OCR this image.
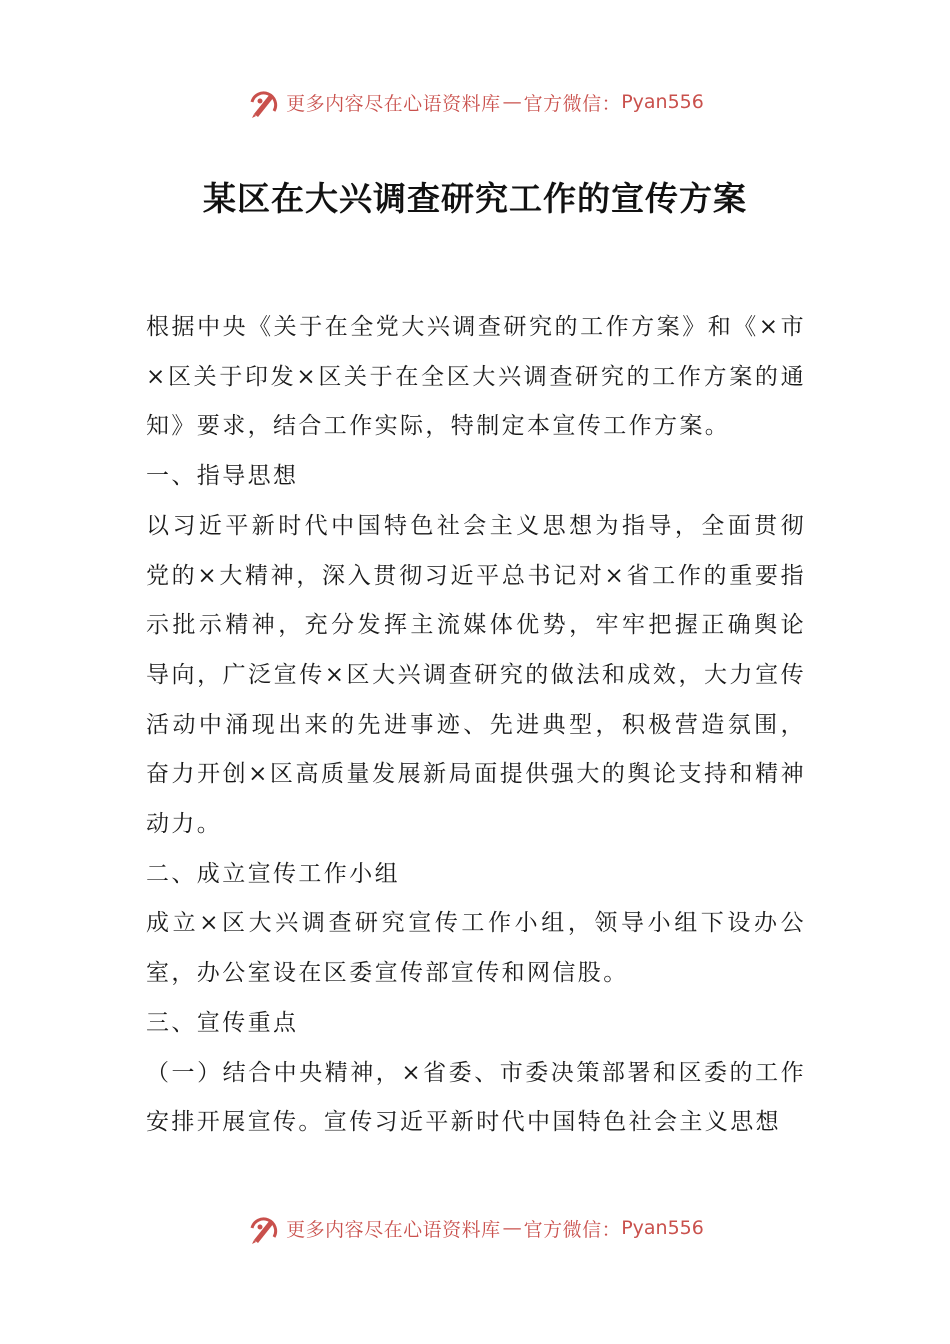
更多内容尽在心语资料库 — 官方微信： Pyan556
某区在大兴调查研究工作的宣传方案

根据中央《关于在全党大兴调查研究的工作方案》和《×市×区关于印发×区关于在全区大兴调查研究的工作方案的通知》要求，结合工作实际，特制定本宣传工作方案。

一、指导思想

以习近平新时代中国特色社会主义思想为指导，全面贯彻党的×大精神，深入贯彻习近平总书记对×省工作的重要指示批示精神，充分发挥主流媒体优势，牢牢把握正确舆论导向，广泛宣传×区大兴调查研究的做法和成效，大力宣传活动中涌现出来的先进事迹、先进典型，积极营造氛围，奋力开创×区高质量发展新局面提供强大的舆论支持和精神动力。

二、成立宣传工作小组

成立×区大兴调查研究宣传工作小组，领导小组下设办公室，办公室设在区委宣传部宣传和网信股。

三、宣传重点

（一）结合中央精神，×省委、市委决策部署和区委的工作安排开展宣传。宣传习近平新时代中国特色社会主义思想

更多内容尽在心语资料库 — 官方微信： Pyan556
